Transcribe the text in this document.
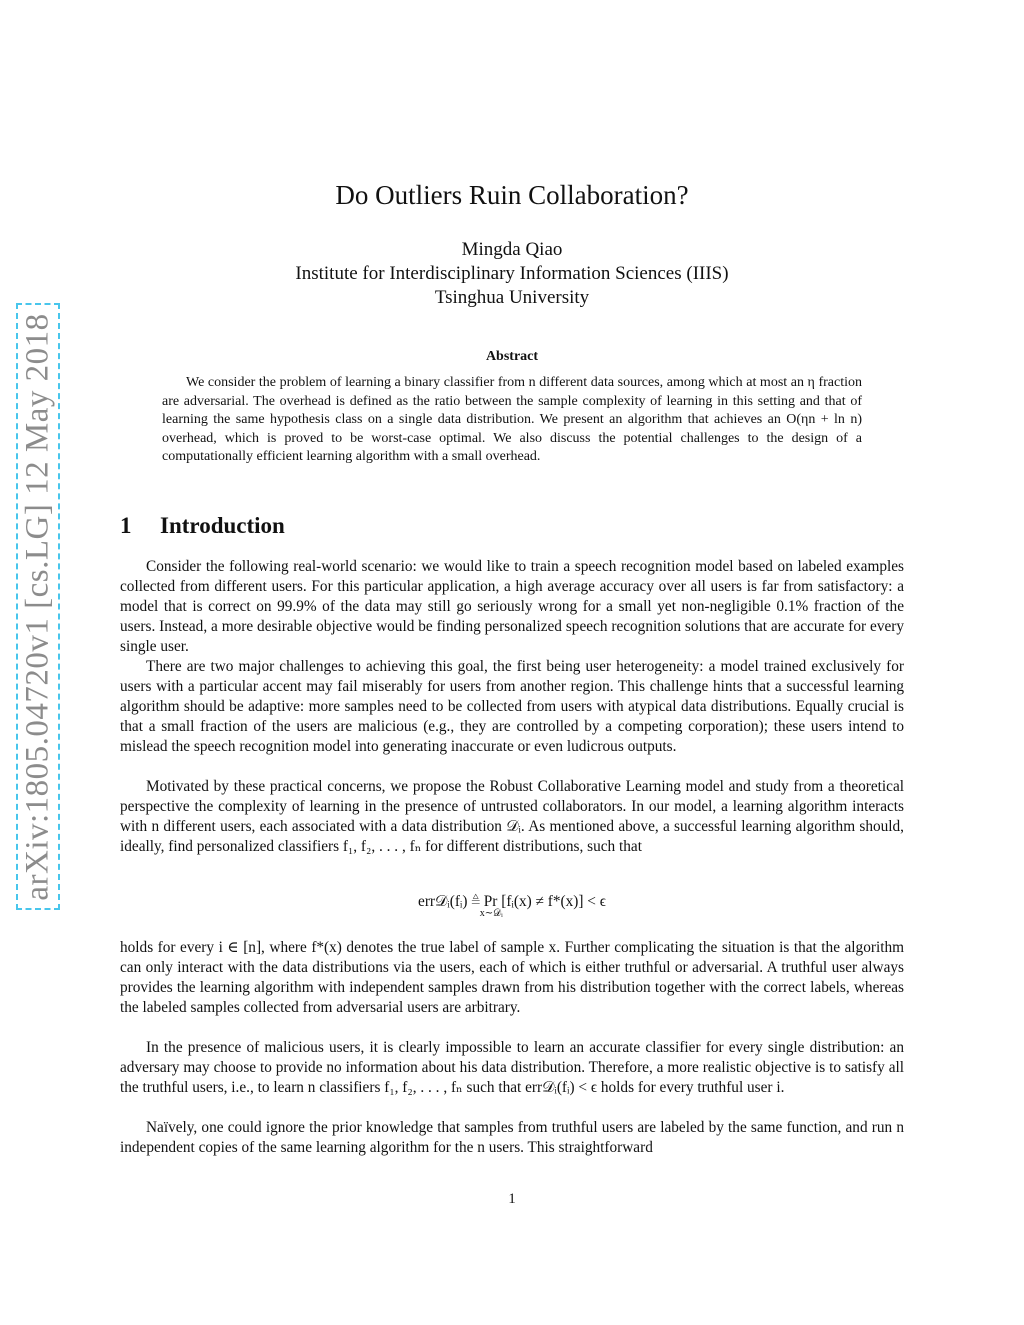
arXiv:1805.04720v1 [cs.LG] 12 May 2018
Do Outliers Ruin Collaboration?
Mingda Qiao
Institute for Interdisciplinary Information Sciences (IIIS)
Tsinghua University
Abstract
We consider the problem of learning a binary classifier from n different data sources, among which at most an η fraction are adversarial. The overhead is defined as the ratio between the sample complexity of learning in this setting and that of learning the same hypothesis class on a single data distribution. We present an algorithm that achieves an O(ηn + ln n) overhead, which is proved to be worst-case optimal. We also discuss the potential challenges to the design of a computationally efficient learning algorithm with a small overhead.
1 Introduction

Consider the following real-world scenario: we would like to train a speech recognition model based on labeled examples collected from different users. For this particular application, a high average accuracy over all users is far from satisfactory: a model that is correct on 99.9% of the data may still go seriously wrong for a small yet non-negligible 0.1% fraction of the users. Instead, a more desirable objective would be finding personalized speech recognition solutions that are accurate for every single user.

There are two major challenges to achieving this goal, the first being user heterogeneity: a model trained exclusively for users with a particular accent may fail miserably for users from another region. This challenge hints that a successful learning algorithm should be adaptive: more samples need to be collected from users with atypical data distributions. Equally crucial is that a small fraction of the users are malicious (e.g., they are controlled by a competing corporation); these users intend to mislead the speech recognition model into generating inaccurate or even ludicrous outputs.

Motivated by these practical concerns, we propose the Robust Collaborative Learning model and study from a theoretical perspective the complexity of learning in the presence of untrusted collaborators. In our model, a learning algorithm interacts with n different users, each associated with a data distribution 𝒟ᵢ. As mentioned above, a successful learning algorithm should, ideally, find personalized classifiers f₁, f₂, . . . , fₙ for different distributions, such that

err𝒟ᵢ(fᵢ) ≜ Pr
x∼𝒟ᵢ
[fᵢ(x) ≠ f*(x)] < ϵ

holds for every i ∈ [n], where f*(x) denotes the true label of sample x. Further complicating the situation is that the algorithm can only interact with the data distributions via the users, each of which is either truthful or adversarial. A truthful user always provides the learning algorithm with independent samples drawn from his distribution together with the correct labels, whereas the labeled samples collected from adversarial users are arbitrary.

In the presence of malicious users, it is clearly impossible to learn an accurate classifier for every single distribution: an adversary may choose to provide no information about his data distribution. Therefore, a more realistic objective is to satisfy all the truthful users, i.e., to learn n classifiers f₁, f₂, . . . , fₙ such that err𝒟ᵢ(fᵢ) < ϵ holds for every truthful user i.

Naïvely, one could ignore the prior knowledge that samples from truthful users are labeled by the same function, and run n independent copies of the same learning algorithm for the n users. This straightforward

1
